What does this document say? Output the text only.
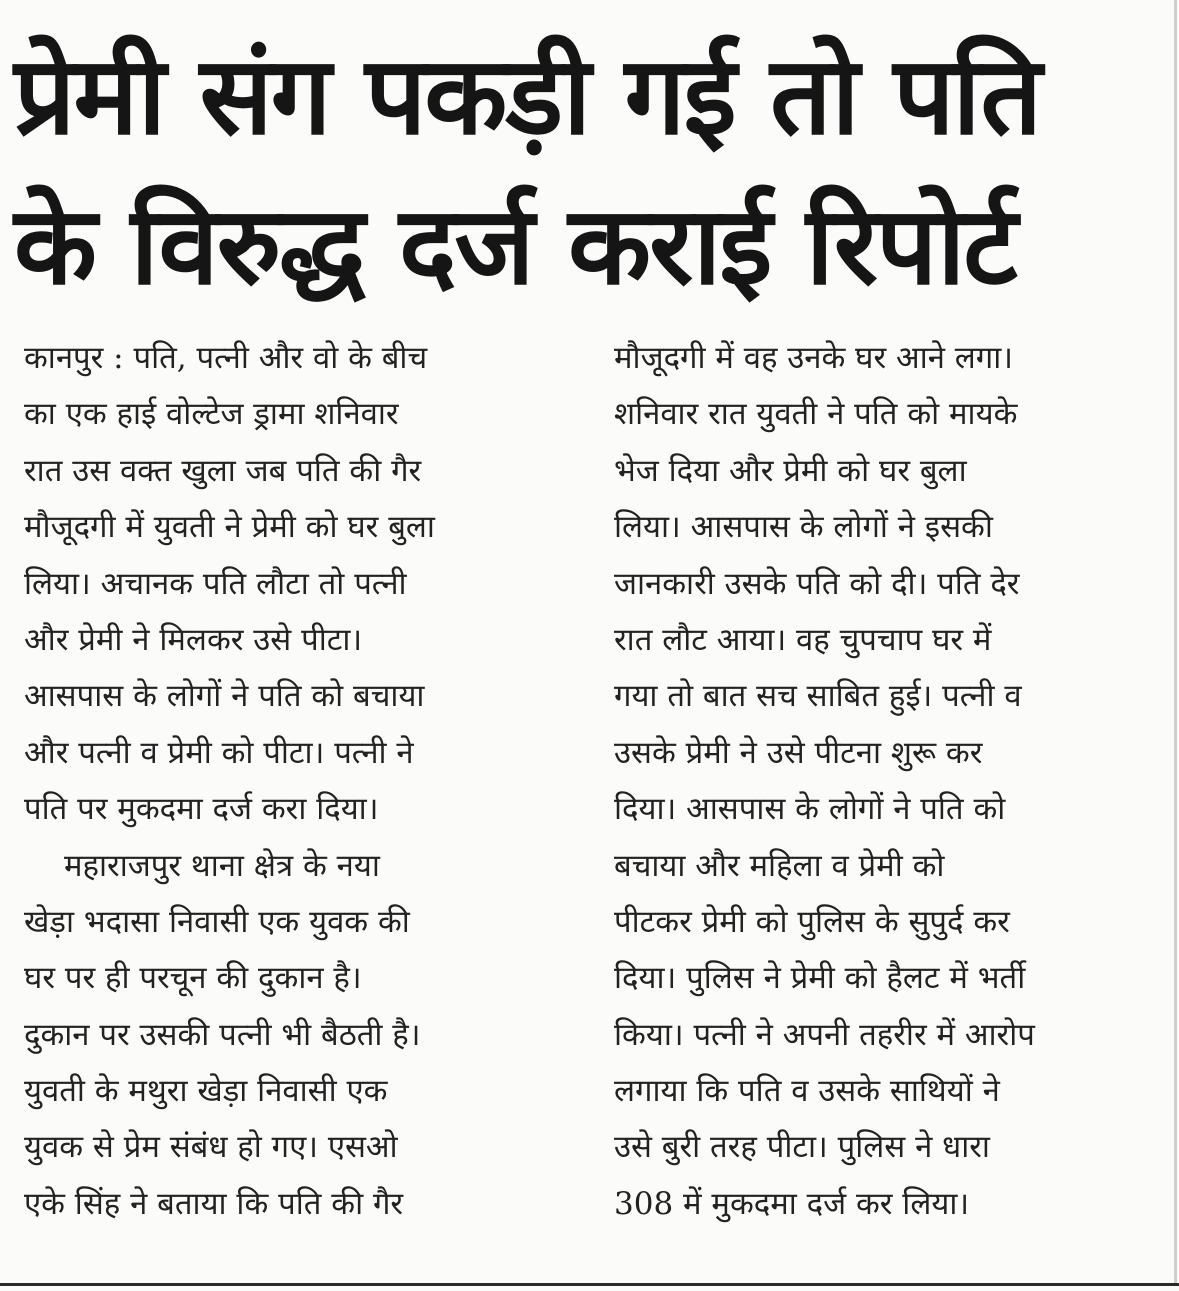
प्रेमी संग पकड़ी गई तो पति
के विरुद्ध दर्ज कराई रिपोर्ट
कानपुर : पति, पत्नी और वो के बीच
का एक हाई वोल्टेज ड्रामा शनिवार
रात उस वक्त खुला जब पति की गैर
मौजूदगी में युवती ने प्रेमी को घर बुला
लिया। अचानक पति लौटा तो पत्नी
और प्रेमी ने मिलकर उसे पीटा।
आसपास के लोगों ने पति को बचाया
और पत्नी व प्रेमी को पीटा। पत्नी ने
पति पर मुकदमा दर्ज करा दिया।
महाराजपुर थाना क्षेत्र के नया
खेड़ा भदासा निवासी एक युवक की
घर पर ही परचून की दुकान है।
दुकान पर उसकी पत्नी भी बैठती है।
युवती के मथुरा खेड़ा निवासी एक
युवक से प्रेम संबंध हो गए। एसओ
एके सिंह ने बताया कि पति की गैर
मौजूदगी में वह उनके घर आने लगा।
शनिवार रात युवती ने पति को मायके
भेज दिया और प्रेमी को घर बुला
लिया। आसपास के लोगों ने इसकी
जानकारी उसके पति को दी। पति देर
रात लौट आया। वह चुपचाप घर में
गया तो बात सच साबित हुई। पत्नी व
उसके प्रेमी ने उसे पीटना शुरू कर
दिया। आसपास के लोगों ने पति को
बचाया और महिला व प्रेमी को
पीटकर प्रेमी को पुलिस के सुपुर्द कर
दिया। पुलिस ने प्रेमी को हैलट में भर्ती
किया। पत्नी ने अपनी तहरीर में आरोप
लगाया कि पति व उसके साथियों ने
उसे बुरी तरह पीटा। पुलिस ने धारा
308 में मुकदमा दर्ज कर लिया।
